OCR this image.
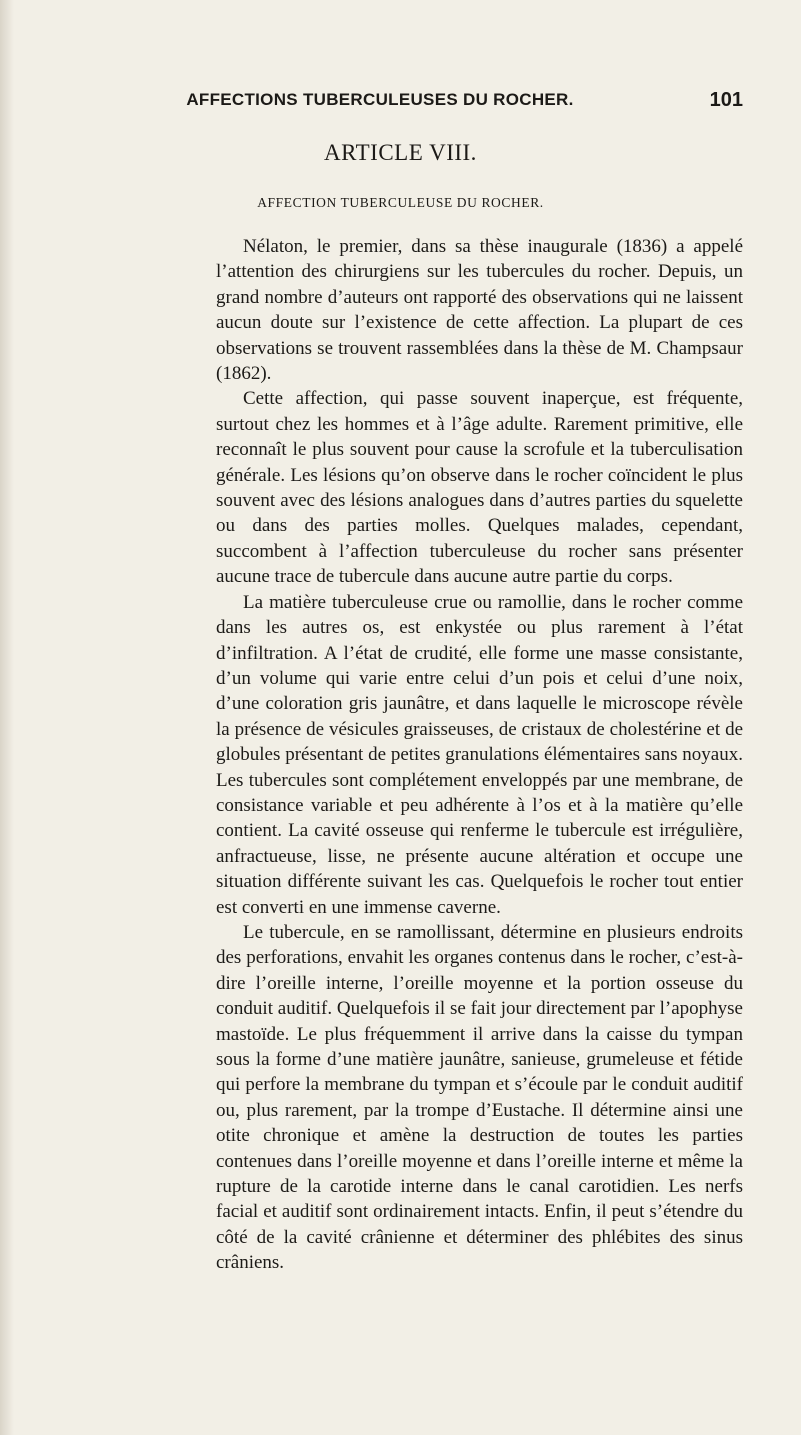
AFFECTIONS TUBERCULEUSES DU ROCHER.	101
ARTICLE VIII.
AFFECTION TUBERCULEUSE DU ROCHER.

Nélaton, le premier, dans sa thèse inaugurale (1836) a appelé l’attention des chirurgiens sur les tubercules du rocher. Depuis, un grand nombre d’auteurs ont rapporté des observations qui ne laissent aucun doute sur l’existence de cette affection. La plupart de ces observations se trouvent rassemblées dans la thèse de M. Champsaur (1862).

Cette affection, qui passe souvent inaperçue, est fréquente, surtout chez les hommes et à l’âge adulte. Rarement primitive, elle reconnaît le plus souvent pour cause la scrofule et la tuberculisation générale. Les lésions qu’on observe dans le rocher coïncident le plus souvent avec des lésions analogues dans d’autres parties du squelette ou dans des parties molles. Quelques malades, cependant, succombent à l’affection tuberculeuse du rocher sans présenter aucune trace de tubercule dans aucune autre partie du corps.

La matière tuberculeuse crue ou ramollie, dans le rocher comme dans les autres os, est enkystée ou plus rarement à l’état d’infiltration. A l’état de crudité, elle forme une masse consistante, d’un volume qui varie entre celui d’un pois et celui d’une noix, d’une coloration gris jaunâtre, et dans laquelle le microscope révèle la présence de vésicules graisseuses, de cristaux de cholestérine et de globules présentant de petites granulations élémentaires sans noyaux. Les tubercules sont complétement enveloppés par une membrane, de consistance variable et peu adhérente à l’os et à la matière qu’elle contient. La cavité osseuse qui renferme le tubercule est irrégulière, anfractueuse, lisse, ne présente aucune altération et occupe une situation différente suivant les cas. Quelquefois le rocher tout entier est converti en une immense caverne.

Le tubercule, en se ramollissant, détermine en plusieurs endroits des perforations, envahit les organes contenus dans le rocher, c’est-à-dire l’oreille interne, l’oreille moyenne et la portion osseuse du conduit auditif. Quelquefois il se fait jour directement par l’apophyse mastoïde. Le plus fréquemment il arrive dans la caisse du tympan sous la forme d’une matière jaunâtre, sanieuse, grumeleuse et fétide qui perfore la membrane du tympan et s’écoule par le conduit auditif ou, plus rarement, par la trompe d’Eustache. Il détermine ainsi une otite chronique et amène la destruction de toutes les parties contenues dans l’oreille moyenne et dans l’oreille interne et même la rupture de la carotide interne dans le canal carotidien. Les nerfs facial et auditif sont ordinairement intacts. Enfin, il peut s’étendre du côté de la cavité crânienne et déterminer des phlébites des sinus crâniens.
